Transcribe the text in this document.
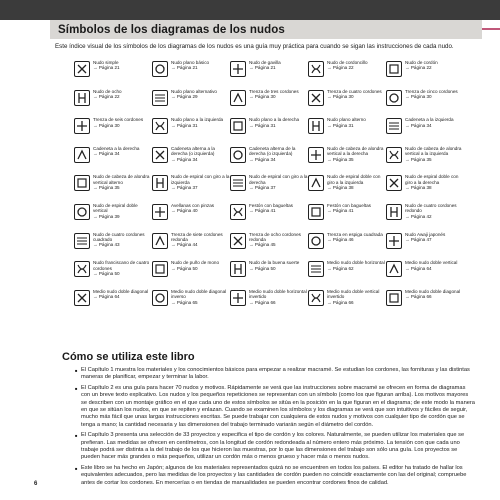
Símbolos de los diagramas de los nudos

Este índice visual de los símbolos de los diagramas de los nudos es una guía muy práctica para cuando se sigan las instrucciones de cada nudo.

Nudo simple
→ Página 21
Nudo plano básico
→ Página 21
Nudo de gavilla
→ Página 21
Nudo de cordoncillo
→ Página 22
Nudo de cordón
→ Página 22
Nudo de ocho
→ Página 22
Nudo plano alternativo
→ Página 29
Trenza de tres cordones
→ Página 30
Trenza de cuatro cordones
→ Página 30
Trenza de cinco cordones
→ Página 30
Trenza de seis cordones
→ Página 30
Nudo plano a la izquierda
→ Página 31
Nudo plano a la derecha
→ Página 31
Nudo plano alterno
→ Página 31
Cadeneta a la izquierda
→ Página 34
Cadeneta a la derecha
→ Página 34
Cadeneta alterna a la derecha (o izquierda)
→ Página 34
Cadeneta alterna de la derecha (o izquierda)
→ Página 34
Nudo de cabeza de alondra vertical a la derecha
→ Página 35
Nudo de cabeza de alondra vertical a la izquierda
→ Página 35
Nudo de cabeza de alondra vertical alterno
→ Página 35
Nudo de espiral con giro a la izquierda
→ Página 37
Nudo de espiral con giro a la derecha
→ Página 37
Nudo de espiral doble con giro a la izquierda
→ Página 38
Nudo de espiral doble con giro a la derecha
→ Página 38
Nudo de espiral doble vertical
→ Página 39
Avellanas con pinzas
→ Página 40
Festón con bagueltas
→ Página 41
Festón con bagueltas
→ Página 41
Nudo de cuatro cordones redondo
→ Página 42
Nudo de cuatro cordones cuadrado
→ Página 43
Trenza de siete cordones redonda
→ Página 44
Trenza de ocho cordones redonda
→ Página 45
Trenza en espiga cuadrada
→ Página 46
Nudo Awaji japonés
→ Página 47
Nudo franciscano de cuatro cordones
→ Página 50
Nudo de puño de mono
→ Página 50
Nudo de la buena suerte
→ Página 50
Medio nudo doble horizontal
→ Página 62
Medio nudo doble vertical
→ Página 64
Medio nudo doble diagonal
→ Página 64
Medio nudo doble diagonal inverso
→ Página 65
Medio nudo doble horizontal invertido
→ Página 66
Medio nudo doble vertical invertido
→ Página 66
Medio nudo doble diagonal
→ Página 66
Cómo se utiliza este libro

■ El Capítulo 1 muestra los materiales y los conocimientos básicos para empezar a realizar macramé. Se estudian los cordones, las fornituras y las distintas maneras de planificar, empezar y terminar la labor.

■ El Capítulo 2 es una guía para hacer 70 nudos y motivos. Rápidamente se verá que las instrucciones sobre macramé se ofrecen en forma de diagramas con un breve texto explicativo. Los nudos y los pequeños repeticiones se representan con un símbolo (como los que figuran arriba). Los motivos mayores se describen con un montaje gráfico en el que cada uno de estos símbolos se sitúa en la posición en la que figuran en el diagrama; de este modo la manera en que se sitúan los nudos, en que se repiten y enlazan. Cuando se examinen los símbolos y los diagramas se verá que son intuitivos y fáciles de seguir, mucho más fácil que unas largas instrucciones escritas. Se puede trabajar con cualquiera de estos nudos y motivos con cualquier tipo de cordón que se tenga a mano; la cantidad necesaria y las dimensiones del trabajo terminado variarán según el diámetro del cordón.

■ El Capítulo 3 presenta una selección de 33 proyectos y especifica el tipo de cordón y los colores. Naturalmente, se pueden utilizar los materiales que se prefieran. Las medidas se ofrecen en centímetros, con la longitud de cordón redondeada al número entero más próximo. La tensión con que cada uno trabaje podrá ser distinta a la del trabajo de los que hicieron las muestras, por lo que las dimensiones del trabajo son sólo una guía. Los proyectos se pueden hacer más grandes o más pequeños, utilizar un cordón más o menos grueso y hacer más o menos nudos.

■ Este libro se ha hecho en Japón; algunos de los materiales representados quizá no se encuentren en todos los países. El editor ha tratado de hallar los equivalentes adecuados, pero las medidas de los proyectos y las cantidades de cordón pueden no coincidir exactamente con las del original; compruebe antes de cortar los cordones. En mercerías o en tiendas de manualidades se pueden encontrar cordones finos de calidad.

6
